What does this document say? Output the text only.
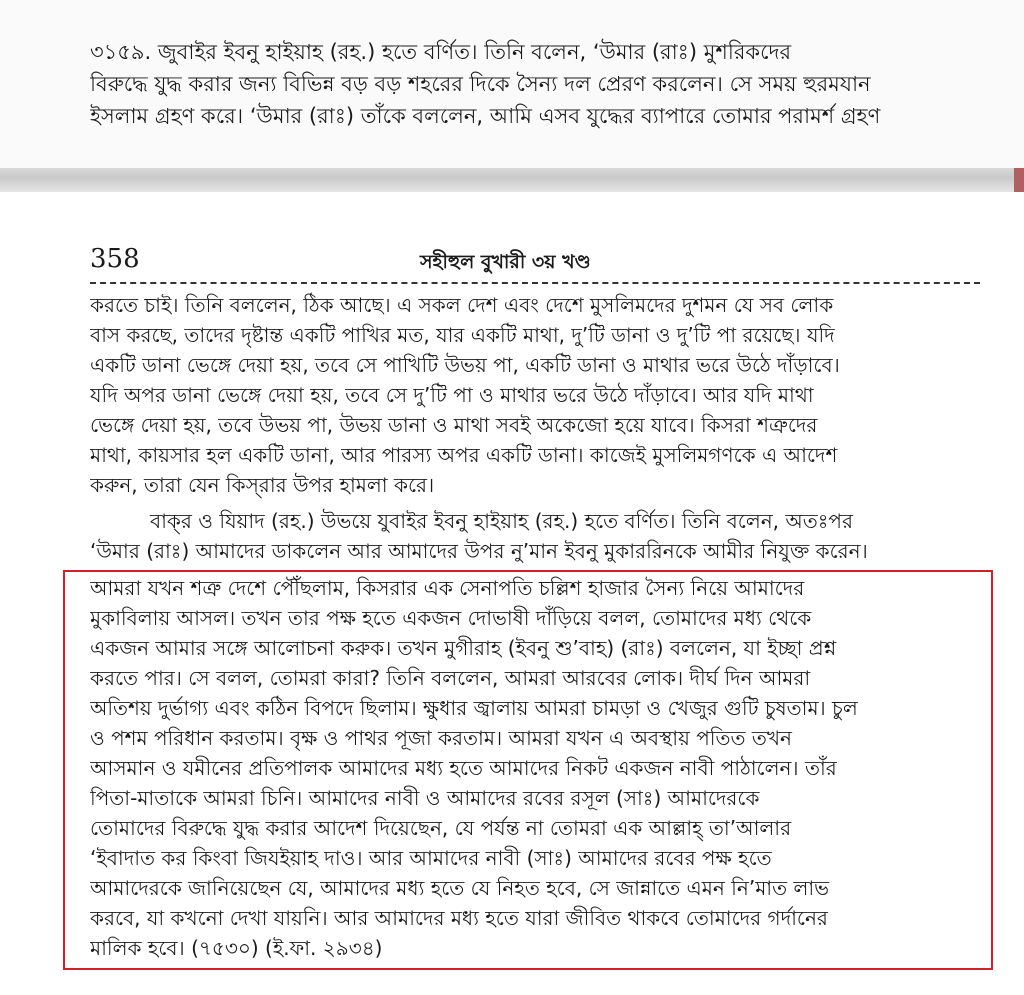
৩১৫৯. জুবাইর ইবনু হাইয়াহ (রহ.) হতে বর্ণিত। তিনি বলেন, ‘উমার (রাঃ) মুশরিকদের
বিরুদ্ধে যুদ্ধ করার জন্য বিভিন্ন বড় বড় শহরের দিকে সৈন্য দল প্রেরণ করলেন। সে সময় হুরমযান
ইসলাম গ্রহণ করে। ‘উমার (রাঃ) তাঁকে বললেন, আমি এসব যুদ্ধের ব্যাপারে তোমার পরামর্শ গ্রহণ
358	সহীহুল বুখারী ৩য় খণ্ড
করতে চাই। তিনি বললেন, ঠিক আছে। এ সকল দেশ এবং দেশে মুসলিমদের দুশমন যে সব লোক
বাস করছে, তাদের দৃষ্টান্ত একটি পাখির মত, যার একটি মাথা, দু’টি ডানা ও দু’টি পা রয়েছে। যদি
একটি ডানা ভেঙ্গে দেয়া হয়, তবে সে পাখিটি উভয় পা, একটি ডানা ও মাথার ভরে উঠে দাঁড়াবে।
যদি অপর ডানা ভেঙ্গে দেয়া হয়, তবে সে দু’টি পা ও মাথার ভরে উঠে দাঁড়াবে। আর যদি মাথা
ভেঙ্গে দেয়া হয়, তবে উভয় পা, উভয় ডানা ও মাথা সবই অকেজো হয়ে যাবে। কিসরা শত্রুদের
মাথা, কায়সার হল একটি ডানা, আর পারস্য অপর একটি ডানা। কাজেই মুসলিমগণকে এ আদেশ
করুন, তারা যেন কিস্‌রার উপর হামলা করে।
বাক্‌র ও যিয়াদ (রহ.) উভয়ে যুবাইর ইবনু হাইয়াহ (রহ.) হতে বর্ণিত। তিনি বলেন, অতঃপর
‘উমার (রাঃ) আমাদের ডাকলেন আর আমাদের উপর নু’মান ইবনু মুকাররিনকে আমীর নিযুক্ত করেন।
আমরা যখন শত্রু দেশে পৌঁছলাম, কিসরার এক সেনাপতি চল্লিশ হাজার সৈন্য নিয়ে আমাদের
মুকাবিলায় আসল। তখন তার পক্ষ হতে একজন দোভাষী দাঁড়িয়ে বলল, তোমাদের মধ্য থেকে
একজন আমার সঙ্গে আলোচনা করুক। তখন মুগীরাহ (ইবনু শু’বাহ) (রাঃ) বললেন, যা ইচ্ছা প্রশ্ন
করতে পার। সে বলল, তোমরা কারা? তিনি বললেন, আমরা আরবের লোক। দীর্ঘ দিন আমরা
অতিশয় দুর্ভাগ্য এবং কঠিন বিপদে ছিলাম। ক্ষুধার জ্বালায় আমরা চামড়া ও খেজুর গুটি চুষতাম। চুল
ও পশম পরিধান করতাম। বৃক্ষ ও পাথর পূজা করতাম। আমরা যখন এ অবস্থায় পতিত তখন
আসমান ও যমীনের প্রতিপালক আমাদের মধ্য হতে আমাদের নিকট একজন নাবী পাঠালেন। তাঁর
পিতা-মাতাকে আমরা চিনি। আমাদের নাবী ও আমাদের রবের রসূল (সাঃ) আমাদেরকে
তোমাদের বিরুদ্ধে যুদ্ধ করার আদেশ দিয়েছেন, যে পর্যন্ত না তোমরা এক আল্লাহ্ তা’আলার
‘ইবাদাত কর কিংবা জিযইয়াহ দাও। আর আমাদের নাবী (সাঃ) আমাদের রবের পক্ষ হতে
আমাদেরকে জানিয়েছেন যে, আমাদের মধ্য হতে যে নিহত হবে, সে জান্নাতে এমন নি’মাত লাভ
করবে, যা কখনো দেখা যায়নি। আর আমাদের মধ্য হতে যারা জীবিত থাকবে তোমাদের গর্দানের
মালিক হবে। (৭৫৩০) (ই.ফা. ২৯৩৪)
